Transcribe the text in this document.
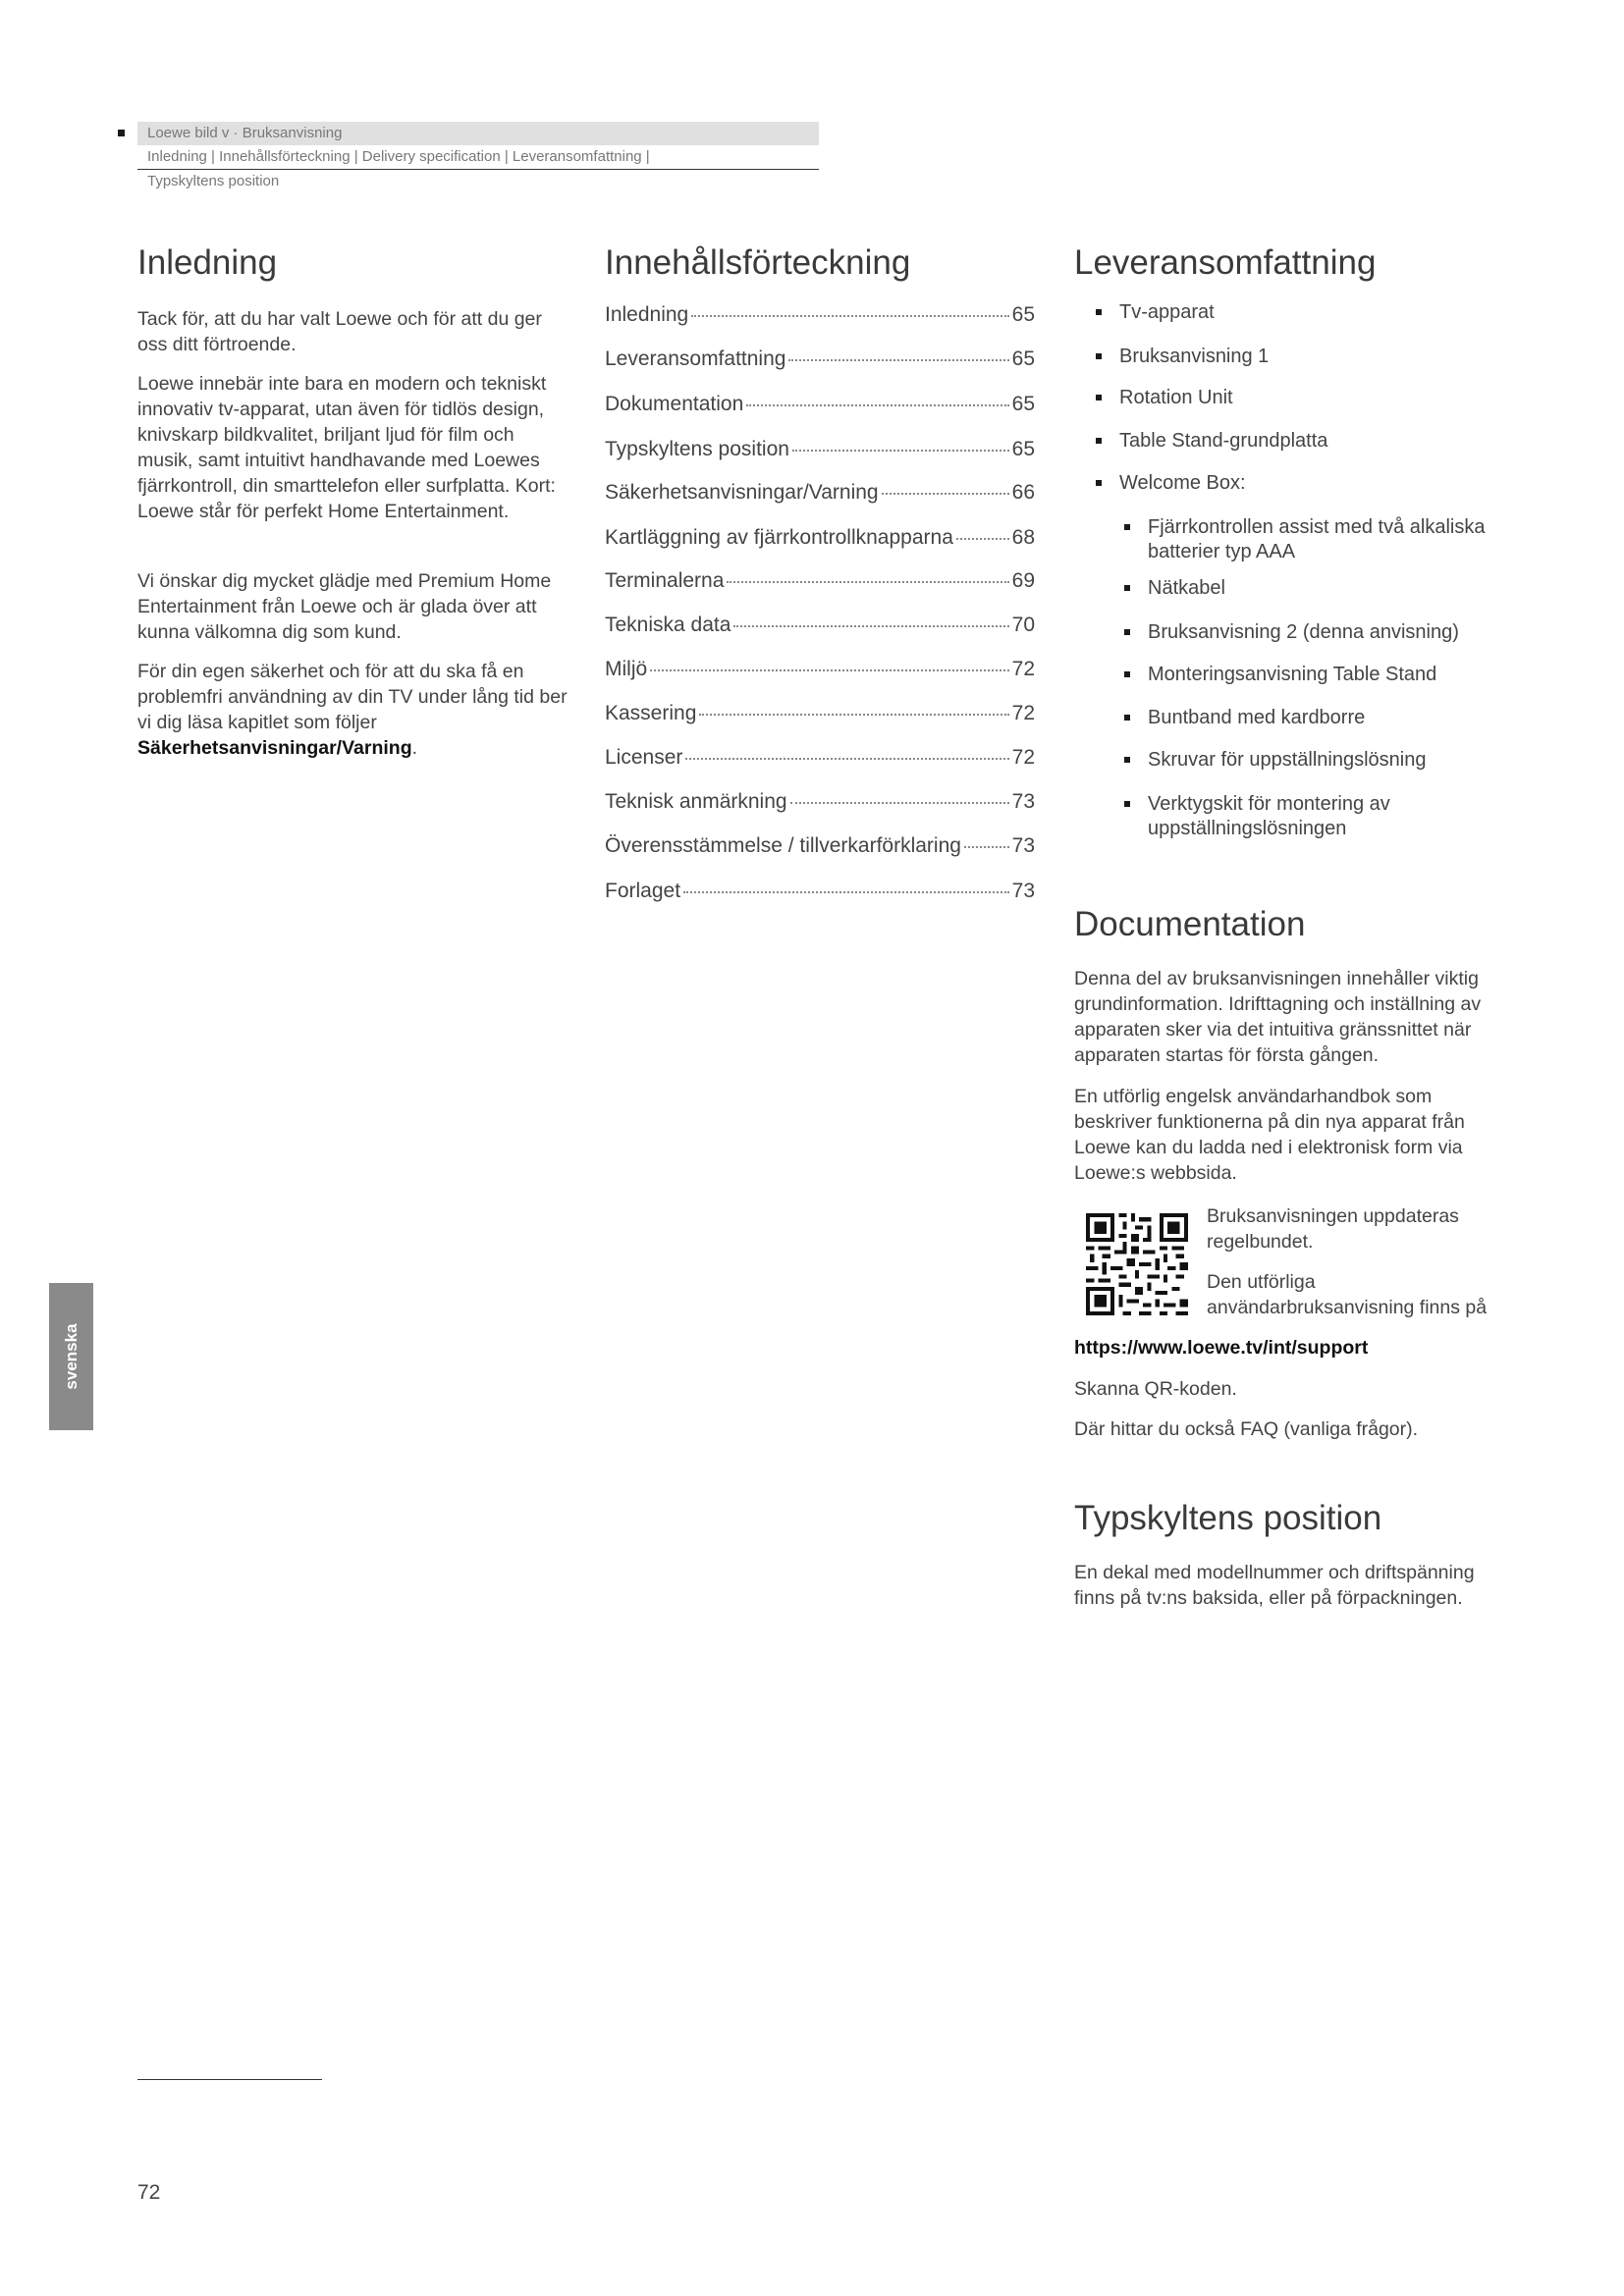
Loewe bild v · Bruksanvisning
Inledning | Innehållsförteckning | Delivery specification | Leveransomfattning |
Typskyltens position
Inledning

Tack för, att du har valt Loewe och för att du ger oss ditt förtroende.

Loewe innebär inte bara en modern och tekniskt innovativ tv-apparat, utan även för tidlös design, knivskarp bildkvalitet, briljant ljud för film och musik, samt intuitivt handhavande med Loewes fjärrkontroll, din smarttelefon eller surfplatta. Kort: Loewe står för perfekt Home Entertainment.

Vi önskar dig mycket glädje med Premium Home Entertainment från Loewe och är glada över att kunna välkomna dig som kund.

För din egen säkerhet och för att du ska få en problemfri användning av din TV under lång tid ber vi dig läsa kapitlet som följer Säkerhetsanvisningar/Varning.

Innehållsförteckning
Inledning	65
Leveransomfattning	65
Dokumentation	65
Typskyltens position	65
Säkerhetsanvisningar/Varning	66
Kartläggning av fjärrkontrollknapparna	68
Terminalerna	69
Tekniska data	70
Miljö	72
Kassering	72
Licenser	72
Teknisk anmärkning	73
Överensstämmelse / tillverkarförklaring 73
Forlaget	73
Leveransomfattning
Tv-apparat
Bruksanvisning 1
Rotation Unit
Table Stand-grundplatta
Welcome Box:
Fjärrkontrollen assist med två alkaliska batterier typ AAA
Nätkabel
Bruksanvisning 2 (denna anvisning)
Monteringsanvisning Table Stand
Buntband med kardborre
Skruvar för uppställningslösning
Verktygskit för montering av uppställningslösningen
Documentation

Denna del av bruksanvisningen innehåller viktig grundinformation. Idrifttagning och inställning av apparaten sker via det intuitiva gränssnittet när apparaten startas för första gången.

En utförlig engelsk användarhandbok som beskriver funktionerna på din nya apparat från Loewe kan du ladda ned i elektronisk form via Loewe:s webbsida.

Bruksanvisningen uppdateras regelbundet.

Den utförliga användarbruksanvisning finns på

https://www.loewe.tv/int/support

Skanna QR-koden.

Där hittar du också FAQ (vanliga frågor).

Typskyltens position

En dekal med modellnummer och driftspänning finns på tv:ns baksida, eller på förpackningen.

svenska
72
